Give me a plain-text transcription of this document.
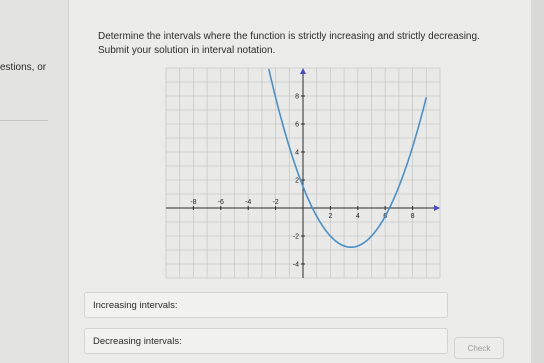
estions, or

Determine the intervals where the function is strictly increasing and strictly decreasing.

Submit your solution in interval notation.

-8	-6	-4	-2
2	4	6	8
8
6
4
2
-2
-4
Increasing intervals:
Decreasing intervals:
Check
